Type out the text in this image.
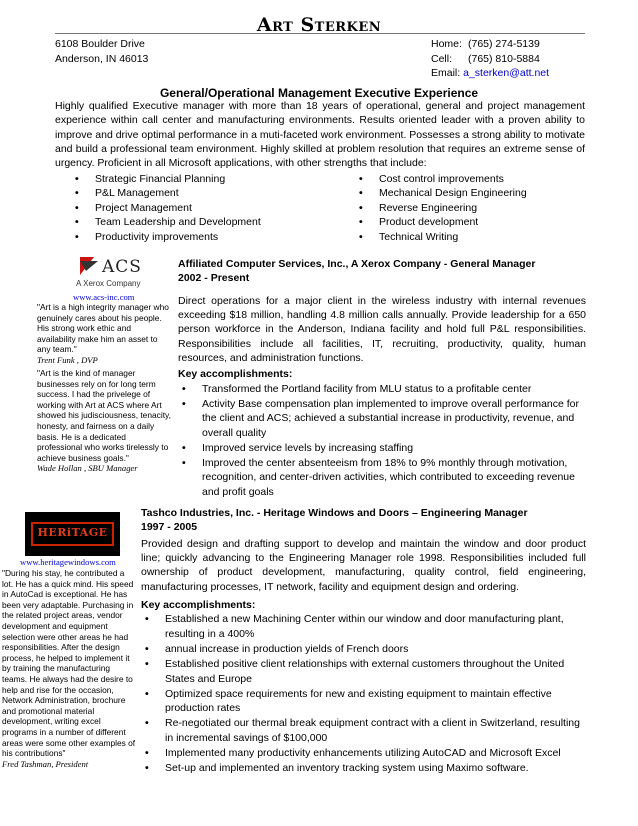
Art Sterken
6108 Boulder Drive
Anderson, IN 46013
Home: (765) 274-5139
Cell: (765) 810-5884
Email: a_sterken@att.net
General/Operational Management Executive Experience
Highly qualified Executive manager with more than 18 years of operational, general and project management experience within call center and manufacturing environments. Results oriented leader with a proven ability to improve and drive optimal performance in a muti-faceted work environment. Possesses a strong ability to motivate and build a professional team environment. Highly skilled at problem resolution that requires an extreme sense of urgency. Proficient in all Microsoft applications, with other strengths that include:
• Strategic Financial Planning
• P&L Management
• Project Management
• Team Leadership and Development
• Productivity improvements
• Cost control improvements
• Mechanical Design Engineering
• Reverse Engineering
• Product development
• Technical Writing
ACS
A Xerox Company
www.acs-inc.com
"Art is a high integrity manager who genuinely cares about his people. His strong work ethic and availability make him an asset to any team."
Trent Funk , DVP
"Art is the kind of manager businesses rely on for long term success. I had the privelege of working with Art at ACS where Art showed his judisciousness, tenacity, honesty, and fairness on a daily basis. He is a dedicated professional who works tirelessly to achieve business goals."
Wade Hollan , SBU Manager
Affiliated Computer Services, Inc., A Xerox Company - General Manager
2002 - Present
Direct operations for a major client in the wireless industry with internal revenues exceeding $18 million, handling 4.8 million calls annually. Provide leadership for a 650 person workforce in the Anderson, Indiana facility and hold full P&L responsibilities. Responsibilities include all facilities, IT, recruiting, productivity, quality, human resources, and administration functions.
Key accomplishments:
• Transformed the Portland facility from MLU status to a profitable center
• Activity Base compensation plan implemented to improve overall performance for the client and ACS; achieved a substantial increase in productivity, revenue, and overall quality
• Improved service levels by increasing staffing
• Improved the center absenteeism from 18% to 9% monthly through motivation, recognition, and center-driven activities, which contributed to exceeding revenue and profit goals
HERiTAGE
www.heritagewindows.com
"During his stay, he contributed a lot. He has a quick mind. His speed in AutoCad is exceptional. He has been very adaptable. Purchasing in the related project areas, vendor development and equipment selection were other areas he had responsibilities. After the design process, he helped to implement it by training the manufacturing teams. He always had the desire to help and rise for the occasion, Network Administration, brochure and promotional material development, writing excel programs in a number of different areas were some other examples of his contributions"
Fred Tashman, President
Tashco Industries, Inc. - Heritage Windows and Doors – Engineering Manager
1997 - 2005
Provided design and drafting support to develop and maintain the window and door product line; quickly advancing to the Engineering Manager role 1998. Responsibilities included full ownership of product development, manufacturing, quality control, field engineering, manufacturing processes, IT network, facility and equipment design and ordering.
Key accomplishments:
• Established a new Machining Center within our window and door manufacturing plant, resulting in a 400%
• annual increase in production yields of French doors
• Established positive client relationships with external customers throughout the United States and Europe
• Optimized space requirements for new and existing equipment to maintain effective production rates
• Re-negotiated our thermal break equipment contract with a client in Switzerland, resulting in incremental savings of $100,000
• Implemented many productivity enhancements utilizing AutoCAD and Microsoft Excel
• Set-up and implemented an inventory tracking system using Maximo software.
